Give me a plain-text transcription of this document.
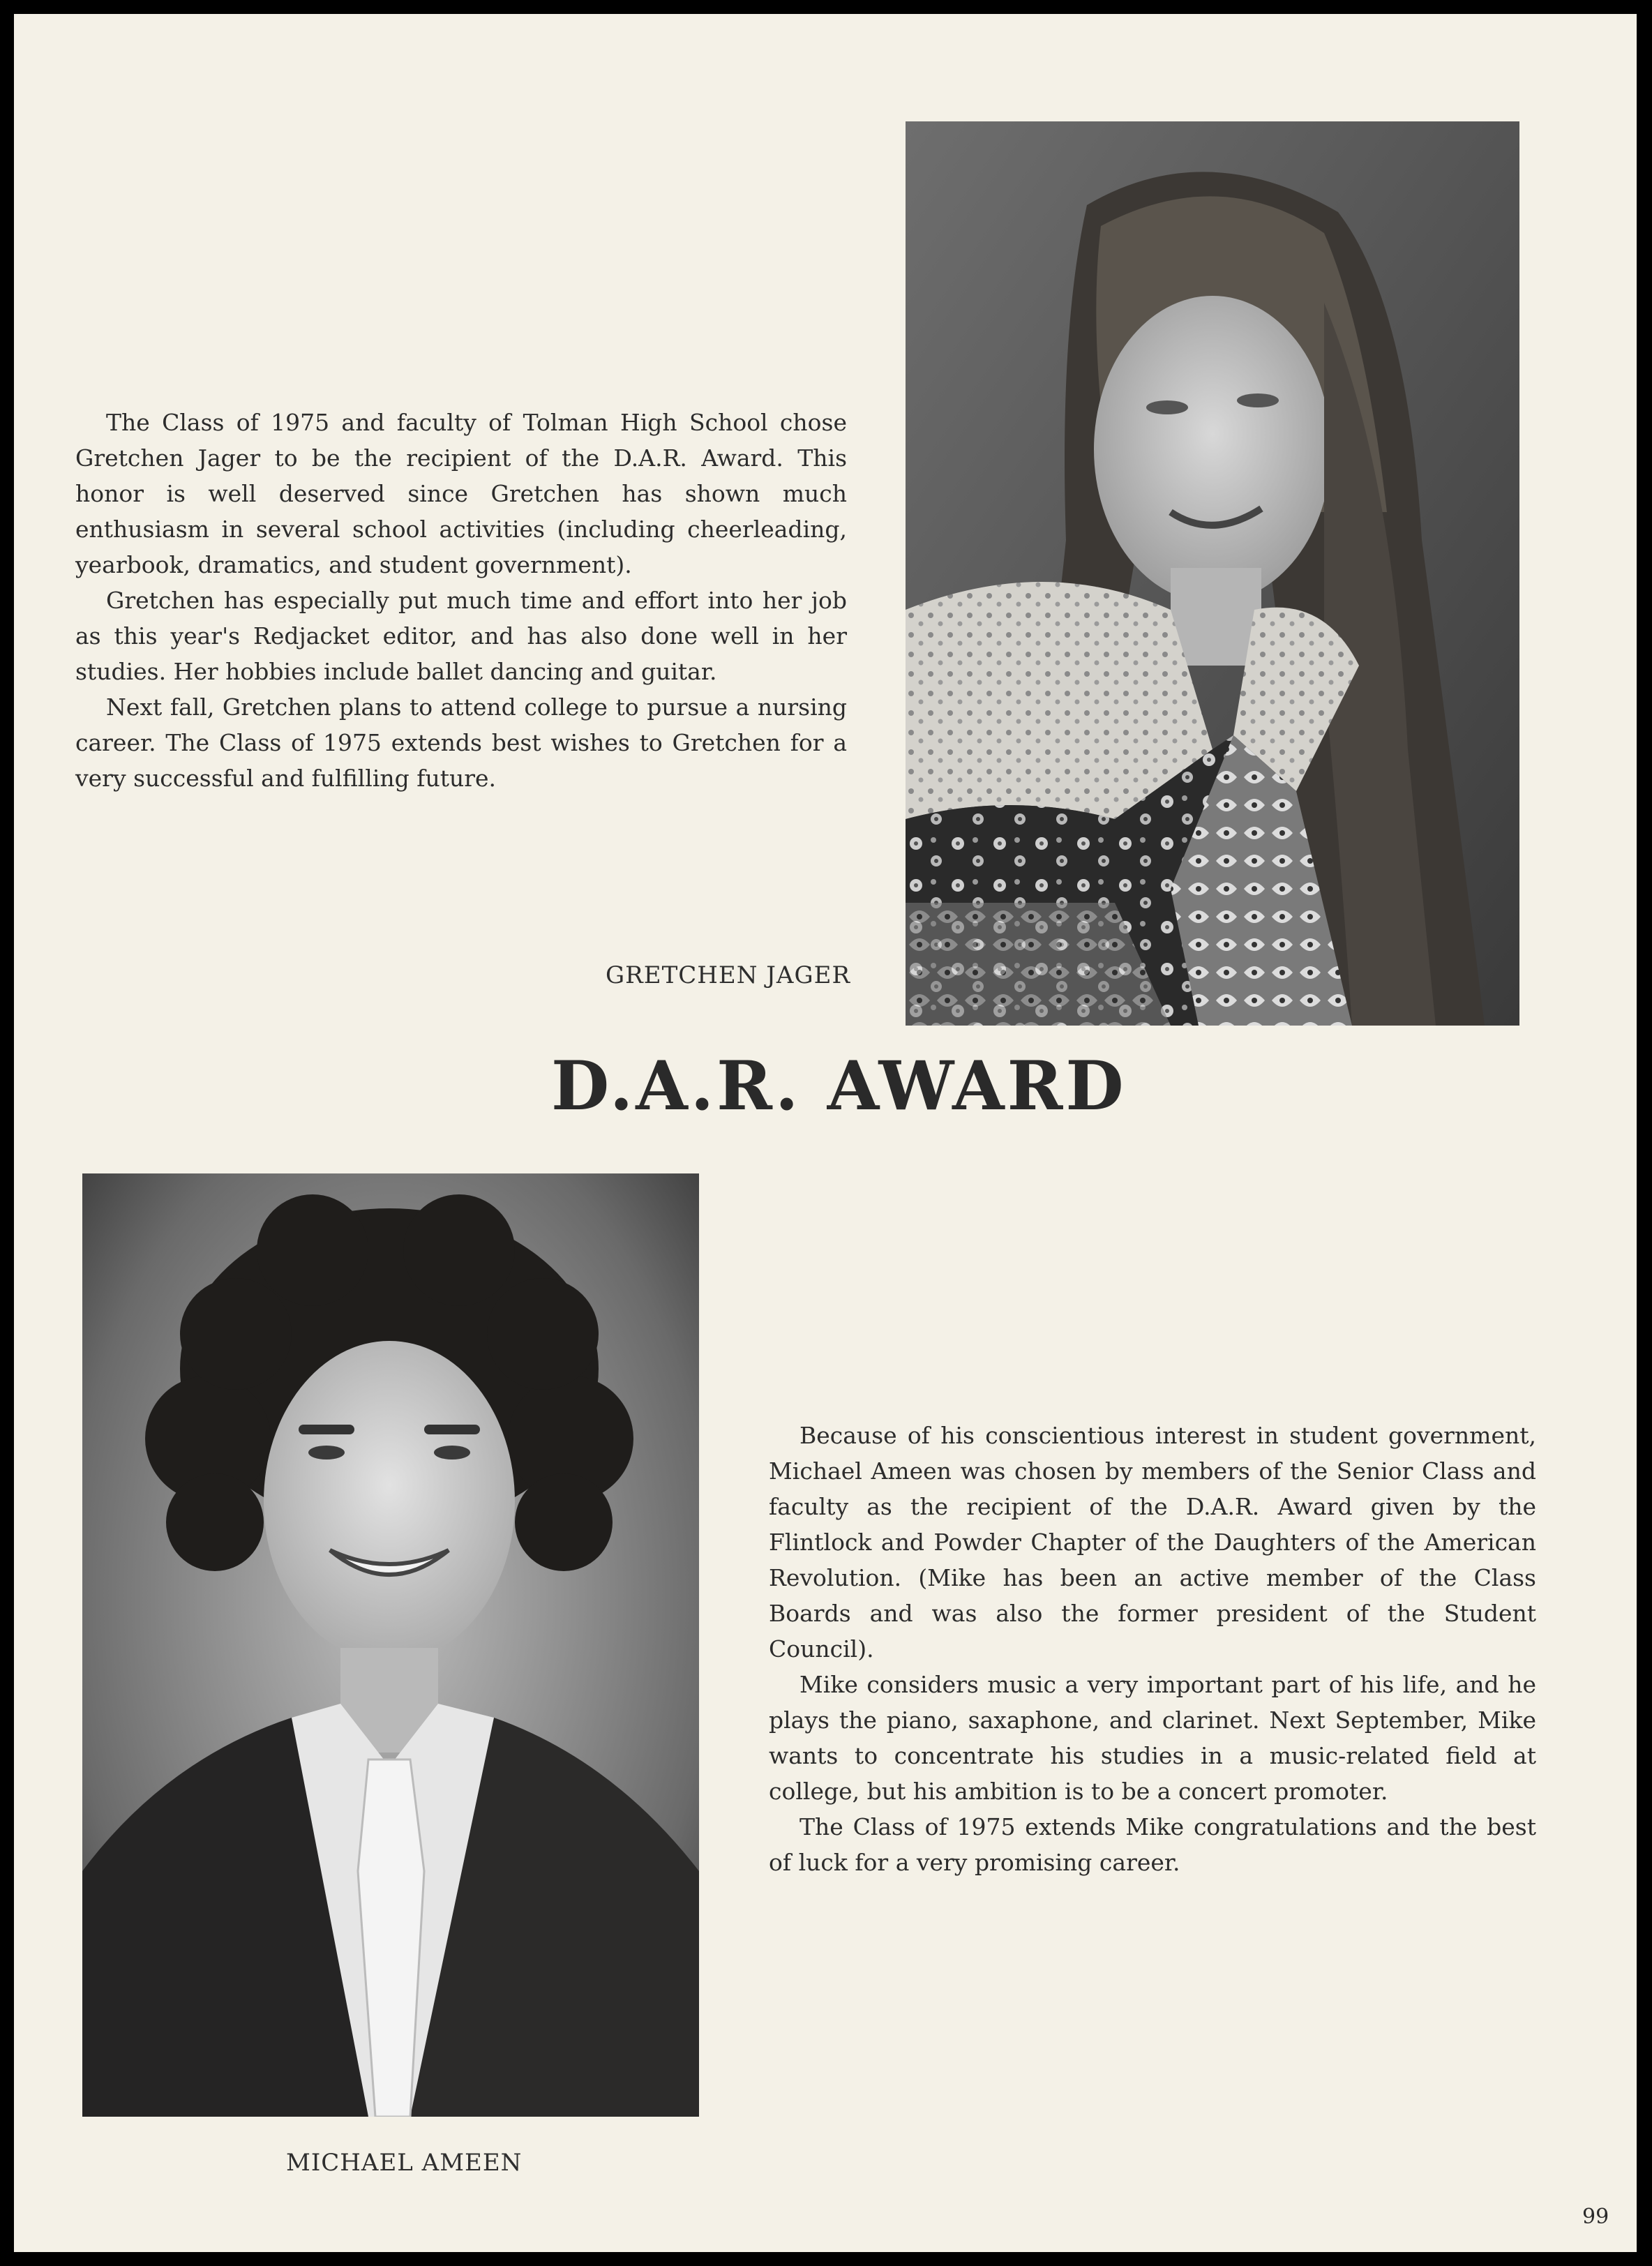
The Class of 1975 and faculty of Tolman High School chose Gretchen Jager to be the recipient of the D.A.R. Award. This honor is well deserved since Gretchen has shown much enthusiasm in several school activities (including cheerleading, yearbook, dramatics, and student government).

Gretchen has especially put much time and effort into her job as this year's Redjacket editor, and has also done well in her studies. Her hobbies include ballet dancing and guitar.

Next fall, Gretchen plans to attend college to pursue a nursing career. The Class of 1975 extends best wishes to Gretchen for a very successful and fulfilling future.

GRETCHEN JAGER
D.A.R. AWARD

Because of his conscientious interest in student government, Michael Ameen was chosen by members of the Senior Class and faculty as the recipient of the D.A.R. Award given by the Flintlock and Powder Chapter of the Daughters of the American Revolution. (Mike has been an active member of the Class Boards and was also the former president of the Student Council).

Mike considers music a very important part of his life, and he plays the piano, saxaphone, and clarinet. Next September, Mike wants to concentrate his studies in a music-related field at college, but his ambition is to be a concert promoter.

The Class of 1975 extends Mike congratulations and the best of luck for a very promising career.

MICHAEL AMEEN
99
